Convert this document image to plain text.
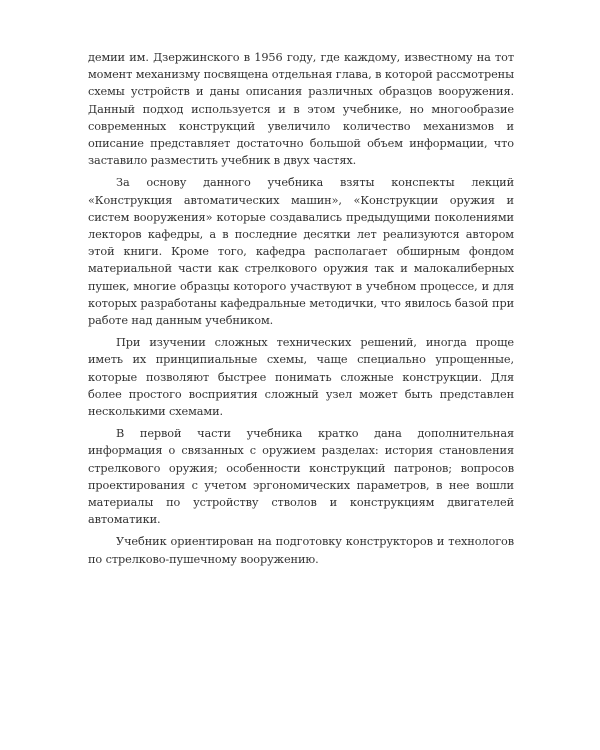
демии им. Дзержинского в 1956 году, где каждому, известному на тот момент механизму посвящена отдельная глава, в которой рассмотрены схемы устройств и даны описания различных образцов вооружения. Данный подход используется и в этом учебнике, но многообразие современных конструкций увеличило количество механизмов и описание представляет достаточно большой объем информации, что заставило разместить учебник в двух частях.

За основу данного учебника взяты конспекты лекций «Конструкция автоматических машин», «Конструкции оружия и систем вооружения» которые создавались предыдущими поколениями лекторов кафедры, а в последние десятки лет реализуются автором этой книги. Кроме того, кафедра располагает обширным фондом материальной части как стрелкового оружия так и малокалиберных пушек, многие образцы которого участвуют в учебном процессе, и для которых разработаны кафедральные методички, что явилось базой при работе над данным учебником.

При изучении сложных технических решений, иногда проще иметь их принципиальные схемы, чаще специально упрощенные, которые позволяют быстрее понимать сложные конструкции. Для более простого восприятия сложный узел может быть представлен несколькими схемами.

В первой части учебника кратко дана дополнительная информация о связанных с оружием разделах: история становления стрелкового оружия; особенности конструкций патронов; вопросов проектирования с учетом эргономических параметров, в нее вошли материалы по устройству стволов и конструкциям двигателей автоматики.

Учебник ориентирован на подготовку конструкторов и технологов по стрелково-пушечному вооружению.
